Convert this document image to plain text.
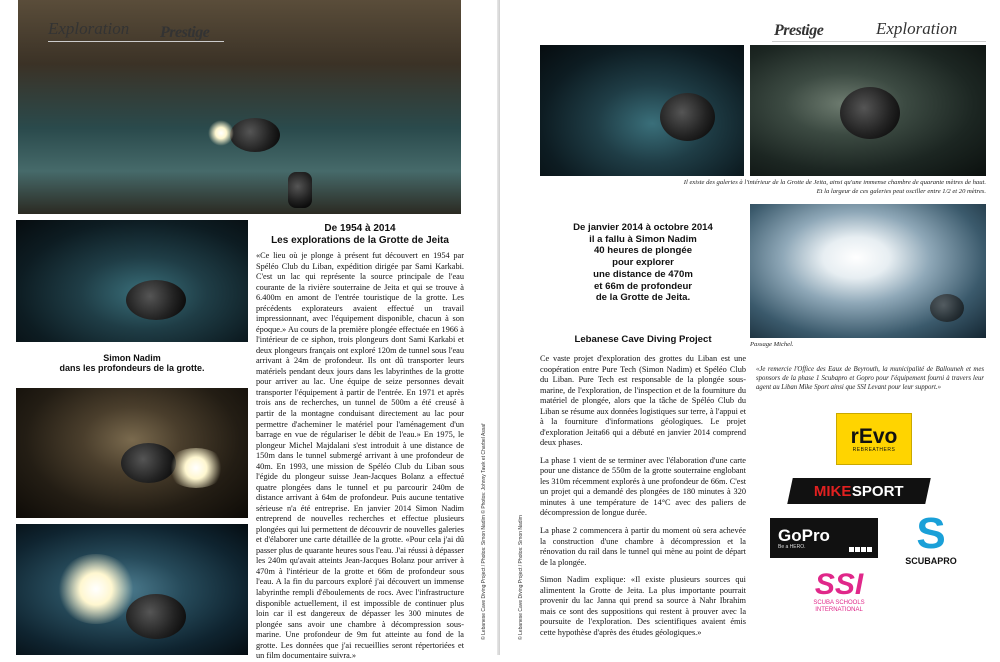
Exploration Prestige
Simon Nadim
dans les profondeurs de la grotte.
De 1954 à 2014
Les explorations de la Grotte de Jeita
«Ce lieu où je plonge à présent fut découvert en 1954 par Spéléo Club du Liban, expédition dirigée par Sami Karkabi. C'est un lac qui représente la source principale de l'eau courante de la rivière souterraine de Jeita et qui se trouve à 6.400m en amont de l'entrée touristique de la grotte. Les précédents explorateurs avaient effectué un travail impressionnant, avec l'équipement disponible, chacun à son époque.» Au cours de la première plongée effectuée en 1966 à l'intérieur de ce siphon, trois plongeurs dont Sami Karkabi et deux plongeurs français ont exploré 120m de tunnel sous l'eau arrivant à 24m de profondeur. Ils ont dû transporter leurs matériels pendant deux jours dans les labyrinthes de la grotte pour arriver au lac. Une équipe de seize personnes devait transporter l'équipement à partir de l'entrée. En 1971 et après trois ans de recherches, un tunnel de 500m a été creusé à partir de la montagne conduisant directement au lac pour permettre d'acheminer le matériel pour l'aménagement d'un barrage en vue de régulariser le débit de l'eau.» En 1975, le plongeur Michel Majdalani s'est introduit à une distance de 150m dans le tunnel submergé arrivant à une profondeur de 40m. En 1993, une mission de Spéléo Club du Liban sous l'égide du plongeur suisse Jean-Jacques Bolanz a effectué quatre plongées dans le tunnel et pu parcourir 240m de distance arrivant à 64m de profondeur. Puis aucune tentative sérieuse n'a été entreprise. En janvier 2014 Simon Nadim entreprend de nouvelles recherches et effectue plusieurs plongées qui lui permettent de découvrir de nouvelles galeries et d'élaborer une carte détaillée de la grotte. «Pour cela j'ai dû passer plus de quarante heures sous l'eau. J'ai réussi à dépasser les 240m qu'avait atteints Jean-Jacques Bolanz pour arriver à 470m à l'intérieur de la grotte et 66m de profondeur sous l'eau. A la fin du parcours exploré j'ai découvert un immense labyrinthe rempli d'éboulements de rocs. Avec l'infrastructure disponible actuellement, il est impossible de continuer plus loin car il est dangereux de dépasser les 300 minutes de plongée sans avoir une chambre à décompression sous-marine. Une profondeur de 9m fut atteinte au fond de la grotte. Les données que j'ai recueillies seront répertoriées et un film documentaire suivra.»
© Lebanese Cave Diving Project / Photos: Simon Nadim © Photos: Johnny Tawk et Charbel Assaf
Prestige	Exploration
Il existe des galeries à l'intérieur de la Grotte de Jeita, ainsi qu'une immense chambre de quarante mètres de haut.
Et la largeur de ces galeries peut osciller entre 1/2 et 20 mètres.
De janvier 2014 à octobre 2014
il a fallu à Simon Nadim
40 heures de plongée
pour explorer
une distance de 470m
et 66m de profondeur
de la Grotte de Jeita.
Lebanese Cave Diving Project

Ce vaste projet d'exploration des grottes du Liban est une coopération entre Pure Tech (Simon Nadim) et Spéléo Club du Liban. Pure Tech est responsable de la plongée sous-marine, de l'exploration, de l'inspection et de la fourniture du matériel de plongée, alors que la tâche de Spéléo Club du Liban se résume aux données logistiques sur terre, à l'appui et à la fourniture d'informations géologiques. Le projet d'exploration Jeita66 qui a débuté en janvier 2014 comprend deux phases.

La phase 1 vient de se terminer avec l'élaboration d'une carte pour une distance de 550m de la grotte souterraine englobant les 310m récemment explorés à une profondeur de 66m. C'est un projet qui a demandé des plongées de 180 minutes à 320 minutes à une température de 14°C avec des paliers de décompression de longue durée.

La phase 2 commencera à partir du moment où sera achevée la construction d'une chambre à décompression et la rénovation du rail dans le tunnel qui mène au point de départ de la plongée.

Simon Nadim explique: «Il existe plusieurs sources qui alimentent la Grotte de Jeita. La plus importante pourrait provenir du lac Janna qui prend sa source à Nahr Ibrahim mais ce sont des suppositions qui restent à prouver avec la poursuite de l'exploration. Des scientifiques avaient émis cette hypothèse d'après des études géologiques.»

© Lebanese Cave Diving Project / Photos: Simon Nadim
Passage Michel.
«Je remercie l'Office des Eaux de Beyrouth, la municipalité de Ballouneh et mes sponsors de la phase 1 Scubapro et Gopro pour l'équipement fourni à travers leur agent au Liban Mike Sport ainsi que SSI Levant pour leur support.»
rEvo
REBREATHERS
MIKE SPORT
GoPro
Be a HERO.	S
SCUBAPRO
SSI
SCUBA SCHOOLS
INTERNATIONAL
